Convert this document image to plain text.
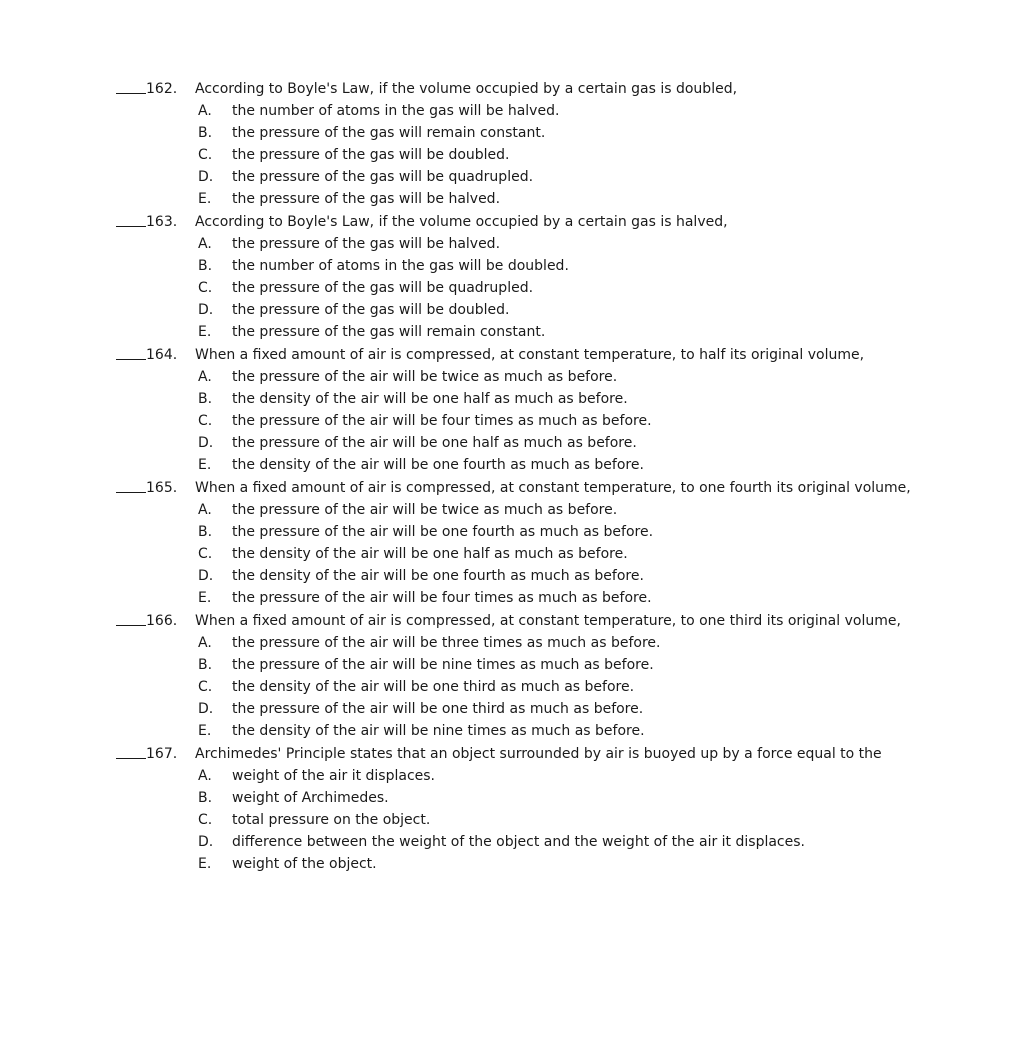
162. According to Boyle's Law, if the volume occupied by a certain gas is doubled,
A. the number of atoms in the gas will be halved.
B. the pressure of the gas will remain constant.
C. the pressure of the gas will be doubled.
D. the pressure of the gas will be quadrupled.
E. the pressure of the gas will be halved.
163. According to Boyle's Law, if the volume occupied by a certain gas is halved,
A. the pressure of the gas will be halved.
B. the number of atoms in the gas will be doubled.
C. the pressure of the gas will be quadrupled.
D. the pressure of the gas will be doubled.
E. the pressure of the gas will remain constant.
164. When a fixed amount of air is compressed, at constant temperature, to half its original volume,
A. the pressure of the air will be twice as much as before.
B. the density of the air will be one half as much as before.
C. the pressure of the air will be four times as much as before.
D. the pressure of the air will be one half as much as before.
E. the density of the air will be one fourth as much as before.
165. When a fixed amount of air is compressed, at constant temperature, to one fourth its original volume,
A. the pressure of the air will be twice as much as before.
B. the pressure of the air will be one fourth as much as before.
C. the density of the air will be one half as much as before.
D. the density of the air will be one fourth as much as before.
E. the pressure of the air will be four times as much as before.
166. When a fixed amount of air is compressed, at constant temperature, to one third its original volume,
A. the pressure of the air will be three times as much as before.
B. the pressure of the air will be nine times as much as before.
C. the density of the air will be one third as much as before.
D. the pressure of the air will be one third as much as before.
E. the density of the air will be nine times as much as before.
167. Archimedes' Principle states that an object surrounded by air is buoyed up by a force equal to the
A. weight of the air it displaces.
B. weight of Archimedes.
C. total pressure on the object.
D. difference between the weight of the object and the weight of the air it displaces.
E. weight of the object.
